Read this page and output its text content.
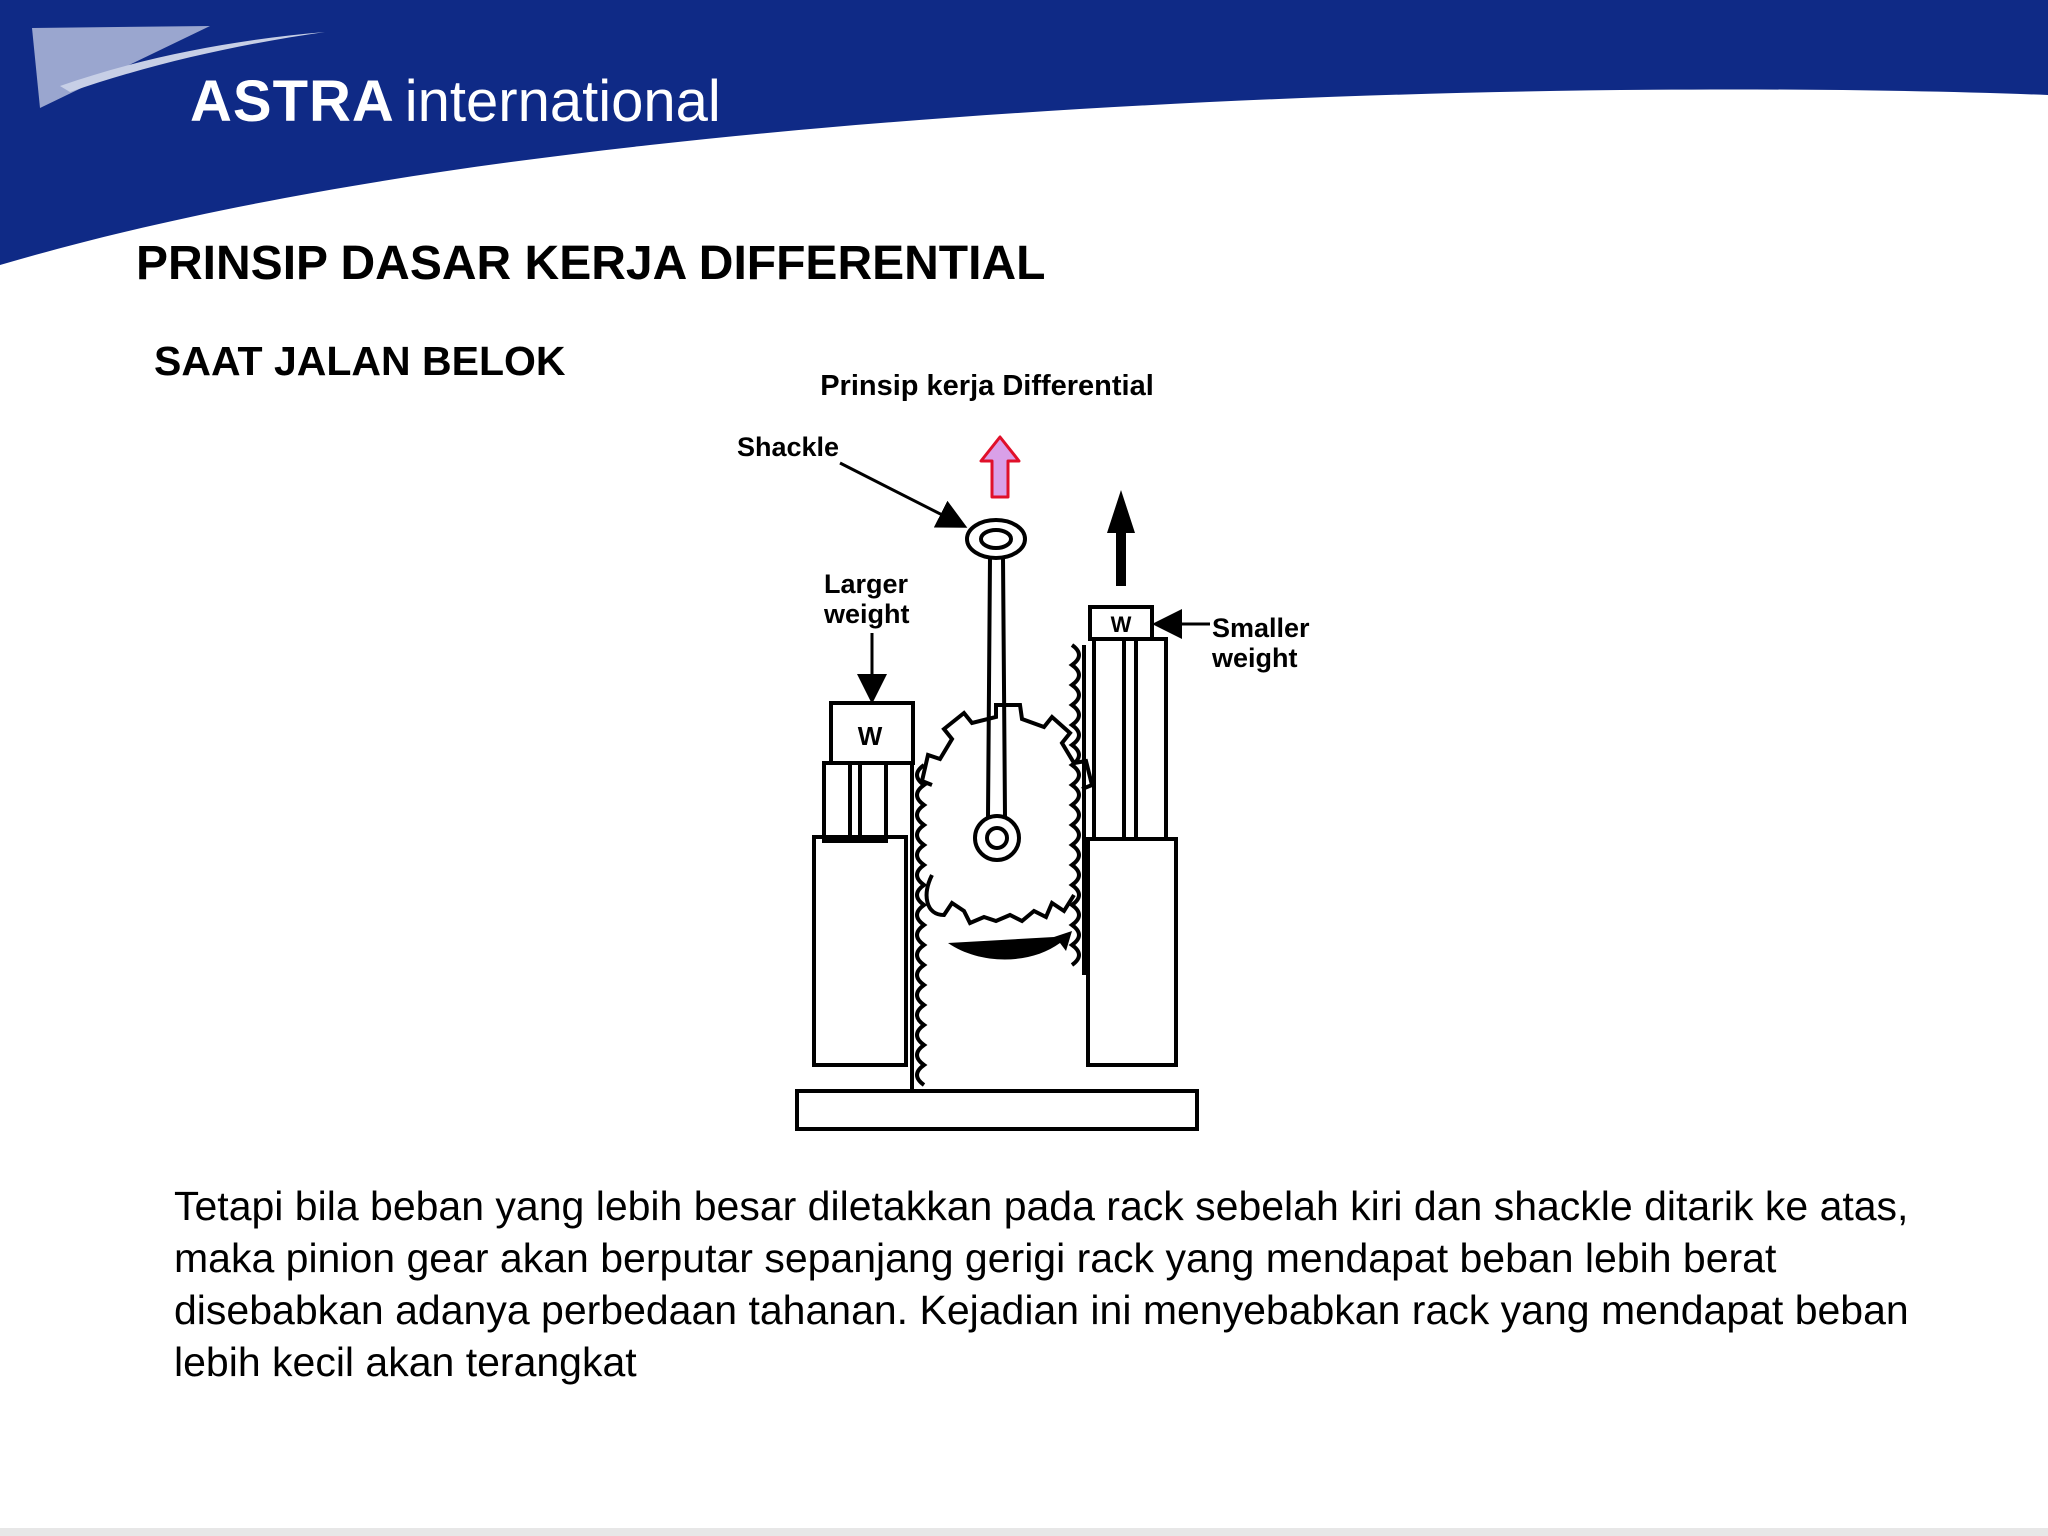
ASTRA international
PRINSIP DASAR KERJA DIFFERENTIAL
SAAT JALAN BELOK
Prinsip kerja Differential
Shackle
W
Larger
weight	W	Smaller
weight
Tetapi bila beban yang lebih besar diletakkan pada rack sebelah kiri dan shackle ditarik ke atas, maka pinion gear akan berputar sepanjang gerigi rack yang mendapat beban lebih berat disebabkan adanya perbedaan tahanan. Kejadian ini menyebabkan rack yang mendapat beban lebih kecil akan terangkat
